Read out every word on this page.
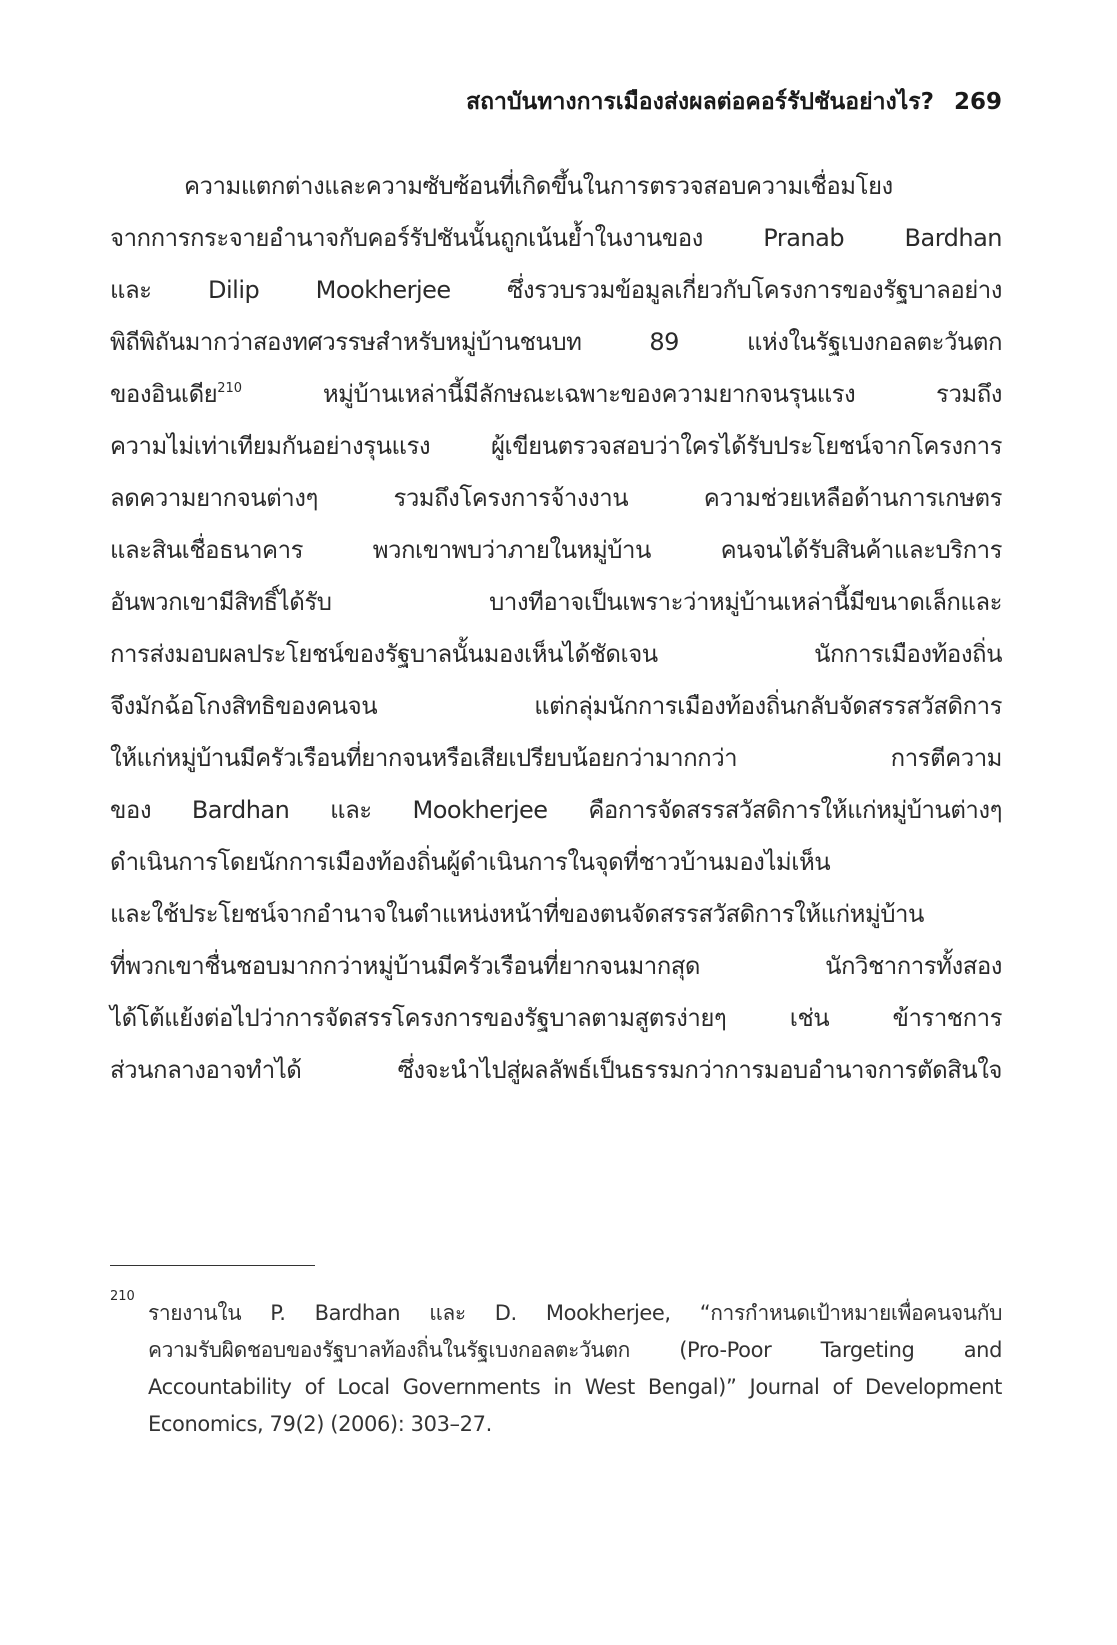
สถาบันทางการเมืองส่งผลต่อคอร์รัปชันอย่างไร? 269
ความแตกต่างและความซับซ้อนที่เกิดขึ้นในการตรวจสอบความเชื่อมโยง
จากการกระจายอำนาจกับคอร์รัปชันนั้นถูกเน้นย้ำในงานของ Pranab Bardhan
และ Dilip Mookherjee ซึ่งรวบรวมข้อมูลเกี่ยวกับโครงการของรัฐบาลอย่าง
พิถีพิถันมากว่าสองทศวรรษสำหรับหมู่บ้านชนบท 89 แห่งในรัฐเบงกอลตะวันตก
ของอินเดีย$^{210}$	หมู่บ้านเหล่านี้มีลักษณะเฉพาะของความยากจนรุนแรง รวมถึง
ความไม่เท่าเทียมกันอย่างรุนแรง ผู้เขียนตรวจสอบว่าใครได้รับประโยชน์จากโครงการ
ลดความยากจนต่างๆ รวมถึงโครงการจ้างงาน ความช่วยเหลือด้านการเกษตร
และสินเชื่อธนาคาร พวกเขาพบว่าภายในหมู่บ้าน คนจนได้รับสินค้าและบริการ
อันพวกเขามีสิทธิ์ได้รับ บางทีอาจเป็นเพราะว่าหมู่บ้านเหล่านี้มีขนาดเล็กและ
การส่งมอบผลประโยชน์ของรัฐบาลนั้นมองเห็นได้ชัดเจน นักการเมืองท้องถิ่น
จึงมักฉ้อโกงสิทธิของคนจน แต่กลุ่มนักการเมืองท้องถิ่นกลับจัดสรรสวัสดิการ
ให้แก่หมู่บ้านมีครัวเรือนที่ยากจนหรือเสียเปรียบน้อยกว่ามากกว่า การตีความ
ของ Bardhan และ Mookherjee คือการจัดสรรสวัสดิการให้แก่หมู่บ้านต่างๆ
ดำเนินการโดยนักการเมืองท้องถิ่นผู้ดำเนินการในจุดที่ชาวบ้านมองไม่เห็น
และใช้ประโยชน์จากอำนาจในตำแหน่งหน้าที่ของตนจัดสรรสวัสดิการให้แก่หมู่บ้าน
ที่พวกเขาชื่นชอบมากกว่าหมู่บ้านมีครัวเรือนที่ยากจนมากสุด นักวิชาการทั้งสอง
ได้โต้แย้งต่อไปว่าการจัดสรรโครงการของรัฐบาลตามสูตรง่ายๆ เช่น ข้าราชการ
ส่วนกลางอาจทำได้ ซึ่งจะนำไปสู่ผลลัพธ์เป็นธรรมกว่าการมอบอำนาจการตัดสินใจ
210
รายงานใน P. Bardhan และ D. Mookherjee, “การกำหนดเป้าหมายเพื่อคนจนกับ
ความรับผิดชอบของรัฐบาลท้องถิ่นในรัฐเบงกอลตะวันตก (Pro-Poor Targeting and
Accountability of Local Governments in West Bengal)” Journal of Development
Economics, 79(2) (2006): 303–27.
